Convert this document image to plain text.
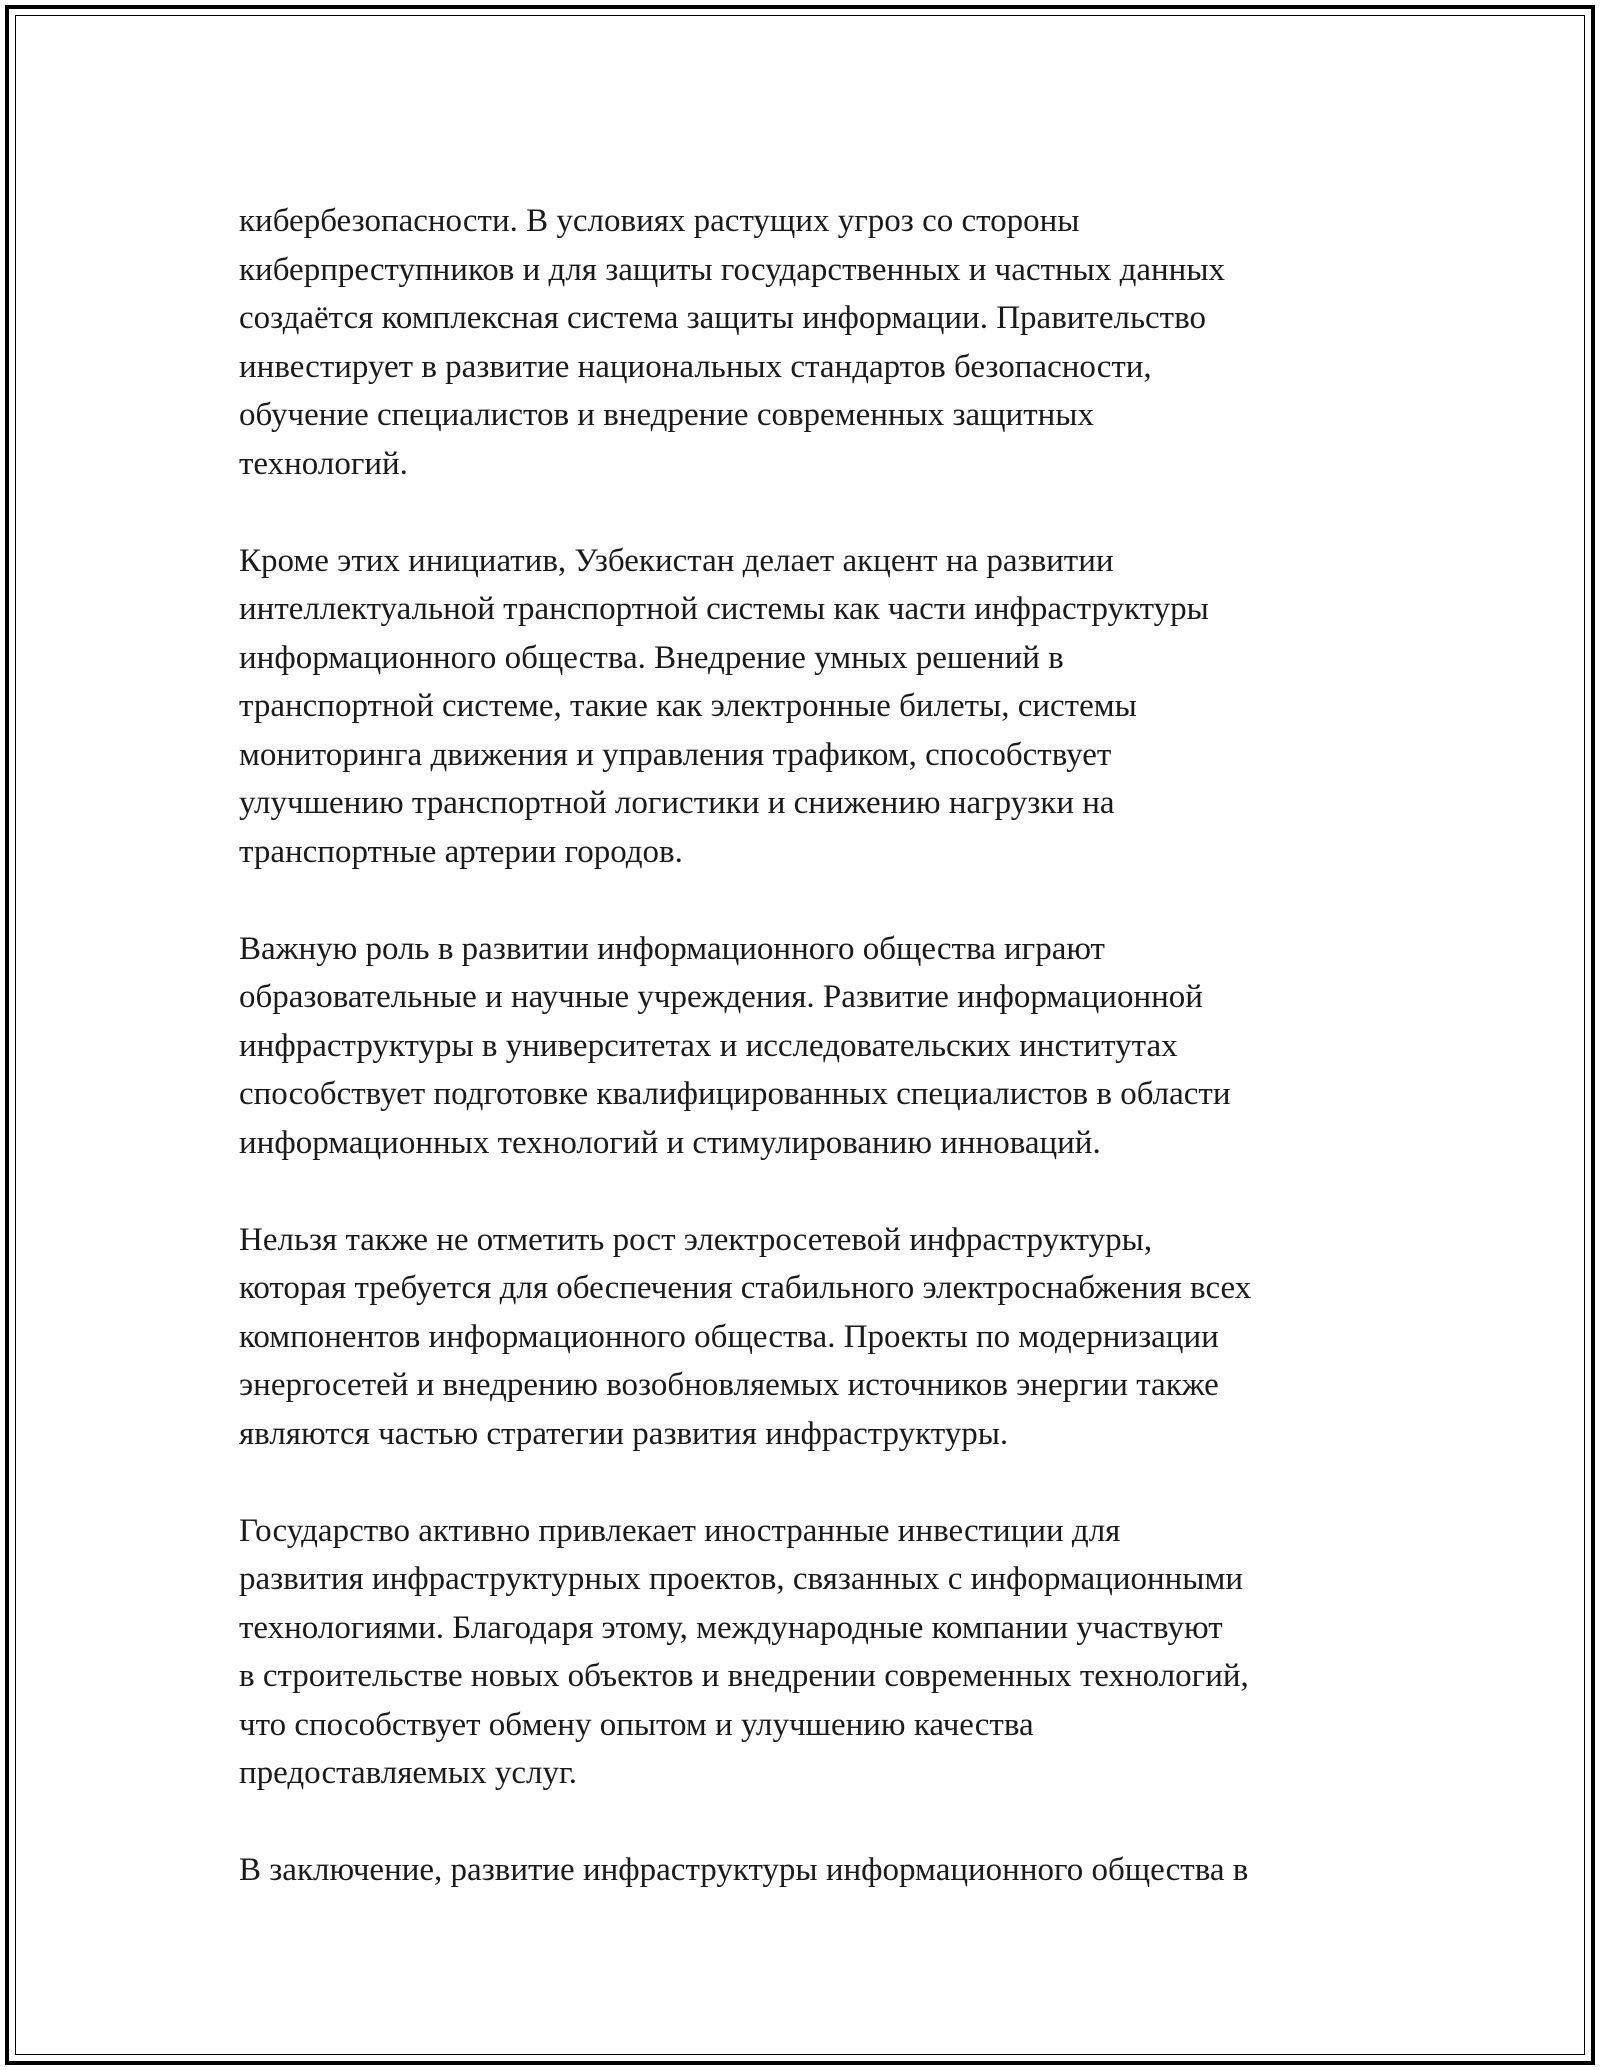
кибербезопасности. В условиях растущих угроз со стороны
киберпреступников и для защиты государственных и частных данных
создаётся комплексная система защиты информации. Правительство
инвестирует в развитие национальных стандартов безопасности,
обучение специалистов и внедрение современных защитных
технологий.

Кроме этих инициатив, Узбекистан делает акцент на развитии
интеллектуальной транспортной системы как части инфраструктуры
информационного общества. Внедрение умных решений в
транспортной системе, такие как электронные билеты, системы
мониторинга движения и управления трафиком, способствует
улучшению транспортной логистики и снижению нагрузки на
транспортные артерии городов.

Важную роль в развитии информационного общества играют
образовательные и научные учреждения. Развитие информационной
инфраструктуры в университетах и исследовательских институтах
способствует подготовке квалифицированных специалистов в области
информационных технологий и стимулированию инноваций.

Нельзя также не отметить рост электросетевой инфраструктуры,
которая требуется для обеспечения стабильного электроснабжения всех
компонентов информационного общества. Проекты по модернизации
энергосетей и внедрению возобновляемых источников энергии также
являются частью стратегии развития инфраструктуры.

Государство активно привлекает иностранные инвестиции для
развития инфраструктурных проектов, связанных с информационными
технологиями. Благодаря этому, международные компании участвуют
в строительстве новых объектов и внедрении современных технологий,
что способствует обмену опытом и улучшению качества
предоставляемых услуг.

В заключение, развитие инфраструктуры информационного общества в
